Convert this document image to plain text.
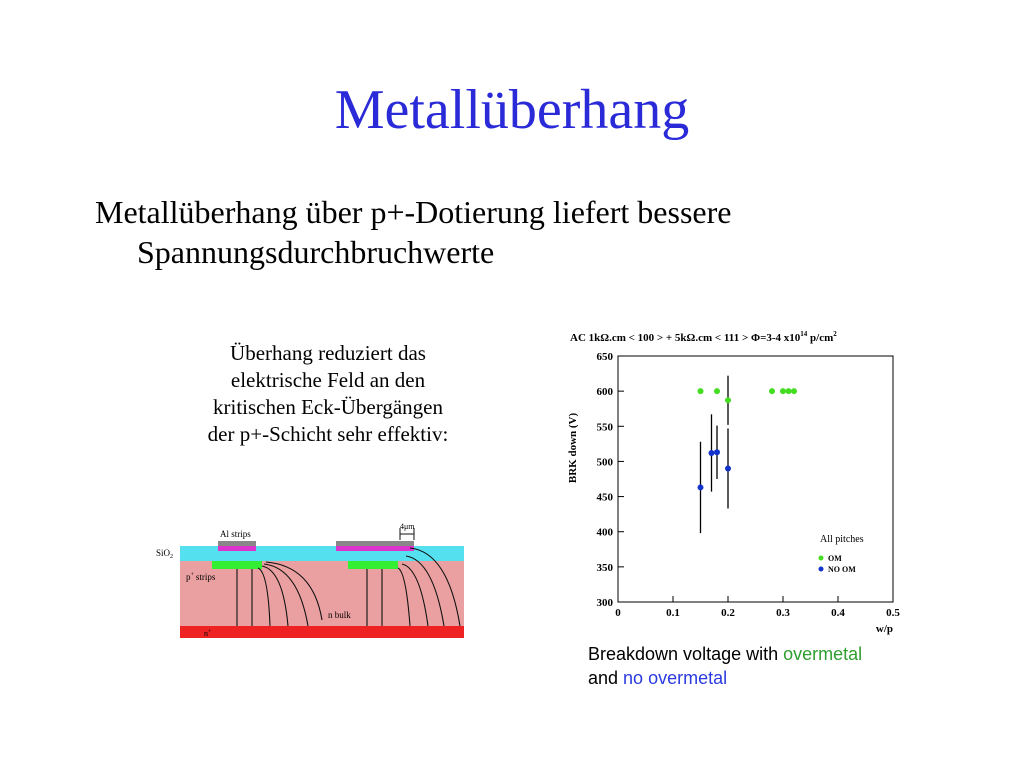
Metallüberhang
Metallüberhang über p+-Dotierung liefert bessere
Spannungsdurchbruchwerte
Überhang reduziert das
elektrische Feld an den
kritischen Eck-Übergängen
der p+-Schicht sehr effektiv:
4μm
Al strips
SiO$_2$
p+ strips
n bulk
n+
AC 1kΩ.cm < 100 > + 5kΩ.cm < 111 > Φ=3-4 $x10^{14}$ $p/cm^2$
BRK down (V)
w/p
300
350
400
450
500
550
600
650
0	0.1	0.2	0.3	0.4	0.5
All pitches
OM
NO OM
Breakdown voltage with overmetal
and no overmetal
